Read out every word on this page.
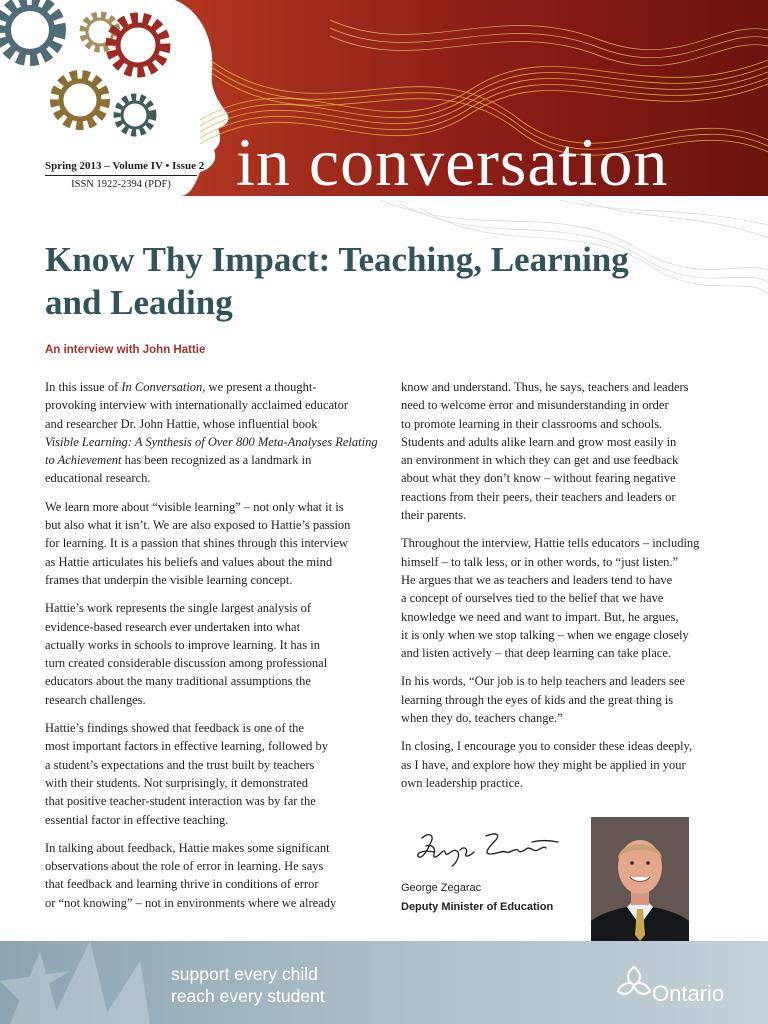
Spring 2013 – Volume IV • Issue 2
ISSN 1922-2394 (PDF) in conversation
Know Thy Impact: Teaching, Learning
and Leading
An interview with John Hattie

In this issue of In Conversation, we present a thought-
provoking interview with internationally acclaimed educator
and researcher Dr. John Hattie, whose influential book
Visible Learning: A Synthesis of Over 800 Meta-Analyses Relating
to Achievement has been recognized as a landmark in
educational research.

We learn more about “visible learning” – not only what it is
but also what it isn’t. We are also exposed to Hattie’s passion
for learning. It is a passion that shines through this interview
as Hattie articulates his beliefs and values about the mind
frames that underpin the visible learning concept.

Hattie’s work represents the single largest analysis of
evidence-based research ever undertaken into what
actually works in schools to improve learning. It has in
turn created considerable discussion among professional
educators about the many traditional assumptions the
research challenges.

Hattie’s findings showed that feedback is one of the
most important factors in effective learning, followed by
a student’s expectations and the trust built by teachers
with their students. Not surprisingly, it demonstrated
that positive teacher-student interaction was by far the
essential factor in effective teaching.

In talking about feedback, Hattie makes some significant
observations about the role of error in learning. He says
that feedback and learning thrive in conditions of error
or “not knowing” – not in environments where we already

know and understand. Thus, he says, teachers and leaders
need to welcome error and misunderstanding in order
to promote learning in their classrooms and schools.
Students and adults alike learn and grow most easily in
an environment in which they can get and use feedback
about what they don’t know – without fearing negative
reactions from their peers, their teachers and leaders or
their parents.

Throughout the interview, Hattie tells educators – including
himself – to talk less, or in other words, to “just listen.”
He argues that we as teachers and leaders tend to have
a concept of ourselves tied to the belief that we have
knowledge we need and want to impart. But, he argues,
it is only when we stop talking – when we engage closely
and listen actively – that deep learning can take place.

In his words, “Our job is to help teachers and leaders see
learning through the eyes of kids and the great thing is
when they do, teachers change.”

In closing, I encourage you to consider these ideas deeply,
as I have, and explore how they might be applied in your
own leadership practice.

George Zegarac
Deputy Minister of Education
support every child
reach every student	Ontario
